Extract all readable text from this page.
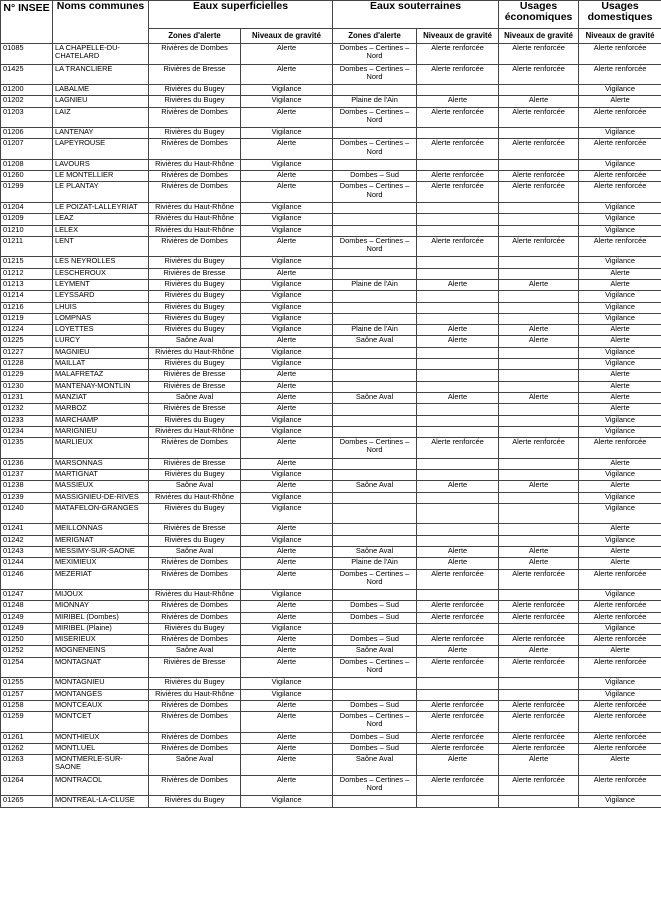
N° INSEE	Noms communes	Eaux superficielles		Eaux souterraines		Usages économiques	Usages domestiques
		Zones d'alerte	Niveaux de gravité	Zones d'alerte	Niveaux de gravité	Niveaux de gravité	Niveaux de gravité
01085	LA CHAPELLE-DU-CHATELARD	Rivières de Dombes	Alerte	Dombes – Certines – Nord	Alerte renforcée	Alerte renforcée	Alerte renforcée
01425	LA TRANCLIERE	Rivières de Bresse	Alerte	Dombes – Certines – Nord	Alerte renforcée	Alerte renforcée	Alerte renforcée
01200	LABALME	Rivières du Bugey	Vigilance				Vigilance
01202	LAGNIEU	Rivières du Bugey	Vigilance	Plaine de l'Ain	Alerte	Alerte	Alerte
01203	LAIZ	Rivières de Dombes	Alerte	Dombes – Certines – Nord	Alerte renforcée	Alerte renforcée	Alerte renforcée
01206	LANTENAY	Rivières du Bugey	Vigilance				Vigilance
01207	LAPEYROUSE	Rivières de Dombes	Alerte	Dombes – Certines – Nord	Alerte renforcée	Alerte renforcée	Alerte renforcée
01208	LAVOURS	Rivières du Haut-Rhône	Vigilance				Vigilance
01260	LE MONTELLIER	Rivières de Dombes	Alerte	Dombes – Sud	Alerte renforcée	Alerte renforcée	Alerte renforcée
01299	LE PLANTAY	Rivières de Dombes	Alerte	Dombes – Certines – Nord	Alerte renforcée	Alerte renforcée	Alerte renforcée
01204	LE POIZAT-LALLEYRIAT	Rivières du Haut-Rhône	Vigilance				Vigilance
01209	LEAZ	Rivières du Haut-Rhône	Vigilance				Vigilance
01210	LELEX	Rivières du Haut-Rhône	Vigilance				Vigilance
01211	LENT	Rivières de Dombes	Alerte	Dombes – Certines – Nord	Alerte renforcée	Alerte renforcée	Alerte renforcée
01215	LES NEYROLLES	Rivières du Bugey	Vigilance				Vigilance
01212	LESCHEROUX	Rivières de Bresse	Alerte				Alerte
01213	LEYMENT	Rivières du Bugey	Vigilance	Plaine de l'Ain	Alerte	Alerte	Alerte
01214	LEYSSARD	Rivières du Bugey	Vigilance				Vigilance
01216	LHUIS	Rivières du Bugey	Vigilance				Vigilance
01219	LOMPNAS	Rivières du Bugey	Vigilance				Vigilance
01224	LOYETTES	Rivières du Bugey	Vigilance	Plaine de l'Ain	Alerte	Alerte	Alerte
01225	LURCY	Saône Aval	Alerte	Saône Aval	Alerte	Alerte	Alerte
01227	MAGNIEU	Rivières du Haut-Rhône	Vigilance				Vigilance
01228	MAILLAT	Rivières du Bugey	Vigilance				Vigilance
01229	MALAFRETAZ	Rivières de Bresse	Alerte				Alerte
01230	MANTENAY-MONTLIN	Rivières de Bresse	Alerte				Alerte
01231	MANZIAT	Saône Aval	Alerte	Saône Aval	Alerte	Alerte	Alerte
01232	MARBOZ	Rivières de Bresse	Alerte				Alerte
01233	MARCHAMP	Rivières du Bugey	Vigilance				Vigilance
01234	MARIGNIEU	Rivières du Haut-Rhône	Vigilance				Vigilance
01235	MARLIEUX	Rivières de Dombes	Alerte	Dombes – Certines – Nord	Alerte renforcée	Alerte renforcée	Alerte renforcée
01236	MARSONNAS	Rivières de Bresse	Alerte				Alerte
01237	MARTIGNAT	Rivières du Bugey	Vigilance				Vigilance
01238	MASSIEUX	Saône Aval	Alerte	Saône Aval	Alerte	Alerte	Alerte
01239	MASSIGNIEU-DE-RIVES	Rivières du Haut-Rhône	Vigilance				Vigilance
01240	MATAFELON-GRANGES	Rivières du Bugey	Vigilance				Vigilance
01241	MEILLONNAS	Rivières de Bresse	Alerte				Alerte
01242	MERIGNAT	Rivières du Bugey	Vigilance				Vigilance
01243	MESSIMY-SUR-SAONE	Saône Aval	Alerte	Saône Aval	Alerte	Alerte	Alerte
01244	MEXIMIEUX	Rivières de Dombes	Alerte	Plaine de l'Ain	Alerte	Alerte	Alerte
01246	MEZERIAT	Rivières de Dombes	Alerte	Dombes – Certines – Nord	Alerte renforcée	Alerte renforcée	Alerte renforcée
01247	MIJOUX	Rivières du Haut-Rhône	Vigilance				Vigilance
01248	MIONNAY	Rivières de Dombes	Alerte	Dombes – Sud	Alerte renforcée	Alerte renforcée	Alerte renforcée
01249	MIRIBEL (Dombes)	Rivières de Dombes	Alerte	Dombes – Sud	Alerte renforcée	Alerte renforcée	Alerte renforcée
01249	MIRIBEL (Plaine)	Rivières du Bugey	Vigilance				Vigilance
01250	MISERIEUX	Rivières de Dombes	Alerte	Dombes – Sud	Alerte renforcée	Alerte renforcée	Alerte renforcée
01252	MOGNENEINS	Saône Aval	Alerte	Saône Aval	Alerte	Alerte	Alerte
01254	MONTAGNAT	Rivières de Bresse	Alerte	Dombes – Certines – Nord	Alerte renforcée	Alerte renforcée	Alerte renforcée
01255	MONTAGNIEU	Rivières du Bugey	Vigilance				Vigilance
01257	MONTANGES	Rivières du Haut-Rhône	Vigilance				Vigilance
01258	MONTCEAUX	Rivières de Dombes	Alerte	Dombes – Sud	Alerte renforcée	Alerte renforcée	Alerte renforcée
01259	MONTCET	Rivières de Dombes	Alerte	Dombes – Certines – Nord	Alerte renforcée	Alerte renforcée	Alerte renforcée
01261	MONTHIEUX	Rivières de Dombes	Alerte	Dombes – Sud	Alerte renforcée	Alerte renforcée	Alerte renforcée
01262	MONTLUEL	Rivières de Dombes	Alerte	Dombes – Sud	Alerte renforcée	Alerte renforcée	Alerte renforcée
01263	MONTMERLE-SUR-SAONE	Saône Aval	Alerte	Saône Aval	Alerte	Alerte	Alerte
01264	MONTRACOL	Rivières de Dombes	Alerte	Dombes – Certines – Nord	Alerte renforcée	Alerte renforcée	Alerte renforcée
01265	MONTREAL-LA-CLUSE	Rivières du Bugey	Vigilance				Vigilance
